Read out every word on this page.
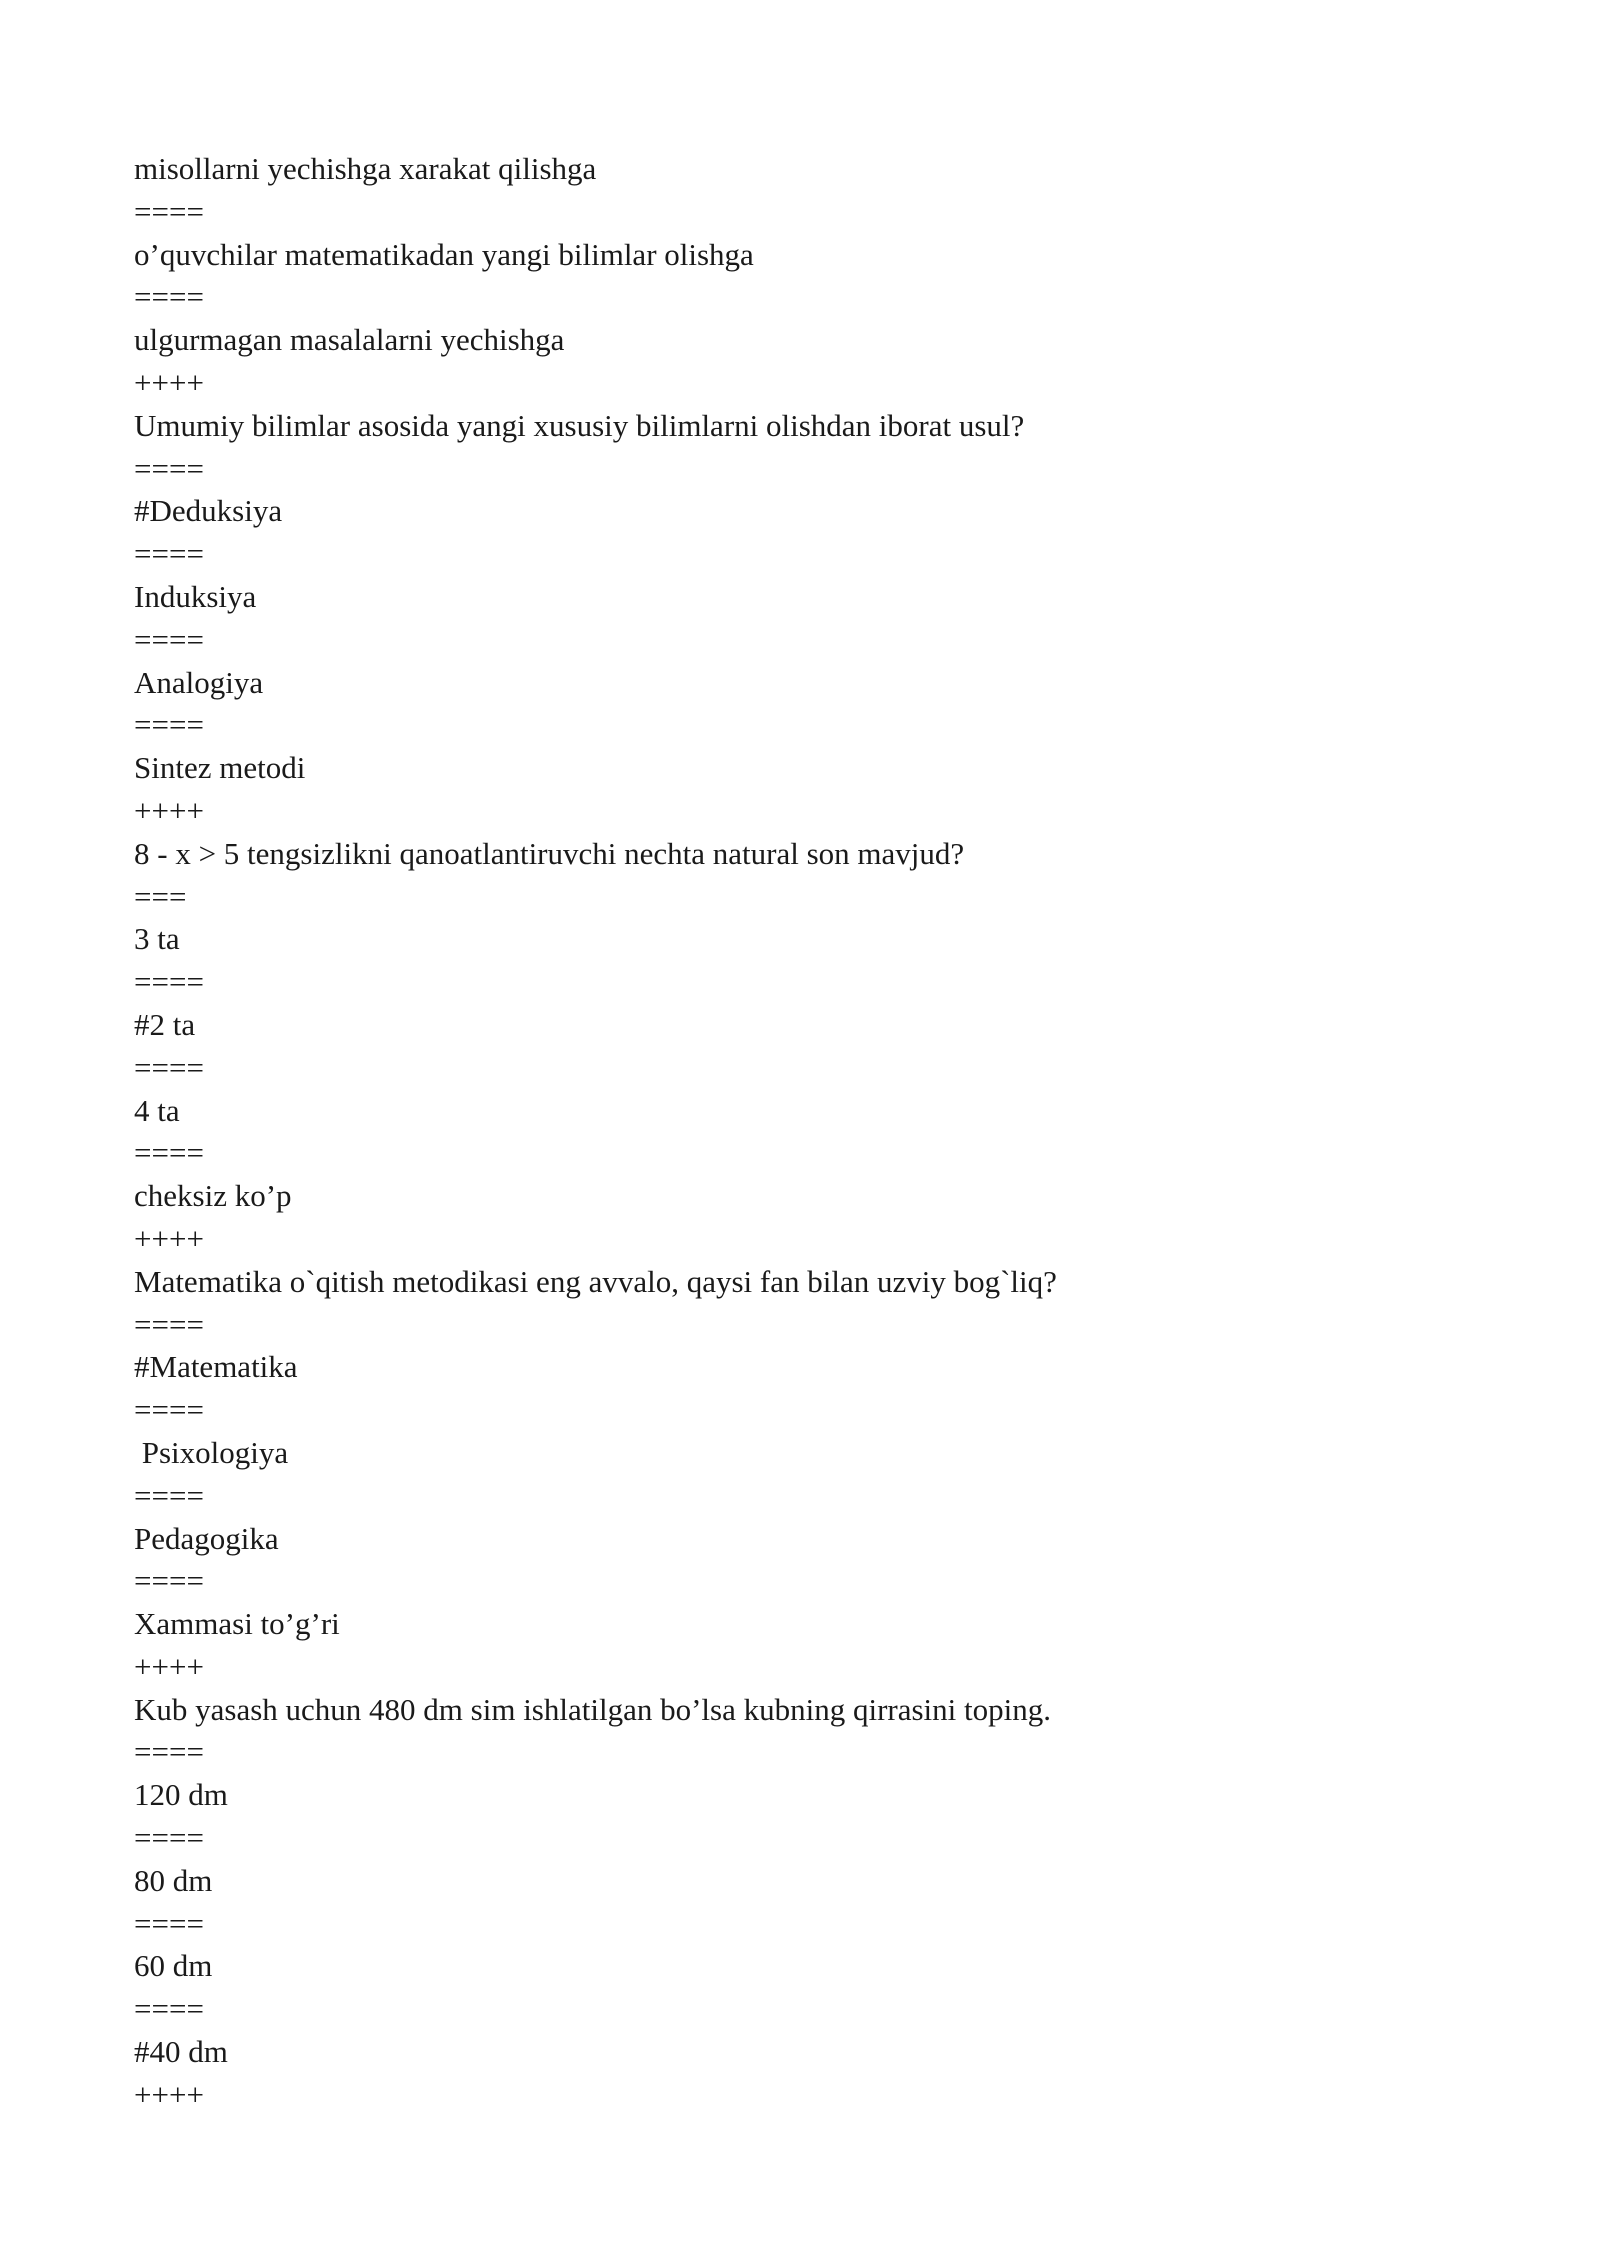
misollarni yechishga xarakat qilishga
====
o’quvchilar matematikadan yangi bilimlar olishga
====
ulgurmagan masalalarni yechishga
++++
Umumiy bilimlar asosida yangi xususiy bilimlarni olishdan iborat usul?
====
#Deduksiya
====
Induksiya
====
Analogiya
====
Sintez metodi
++++
8 - x > 5 tengsizlikni qanoatlantiruvchi nechta natural son mavjud?
===
3 ta
====
#2 ta
====
4 ta
====
cheksiz ko’p
++++
Matematika o`qitish metodikasi eng avvalo, qaysi fan bilan uzviy bog`liq?
====
#Matematika
====
Psixologiya
====
Pedagogika
====
Xammasi to’g’ri
++++
Kub yasash uchun 480 dm sim ishlatilgan bo’lsa kubning qirrasini toping.
====
120 dm
====
80 dm
====
60 dm
====
#40 dm
++++
